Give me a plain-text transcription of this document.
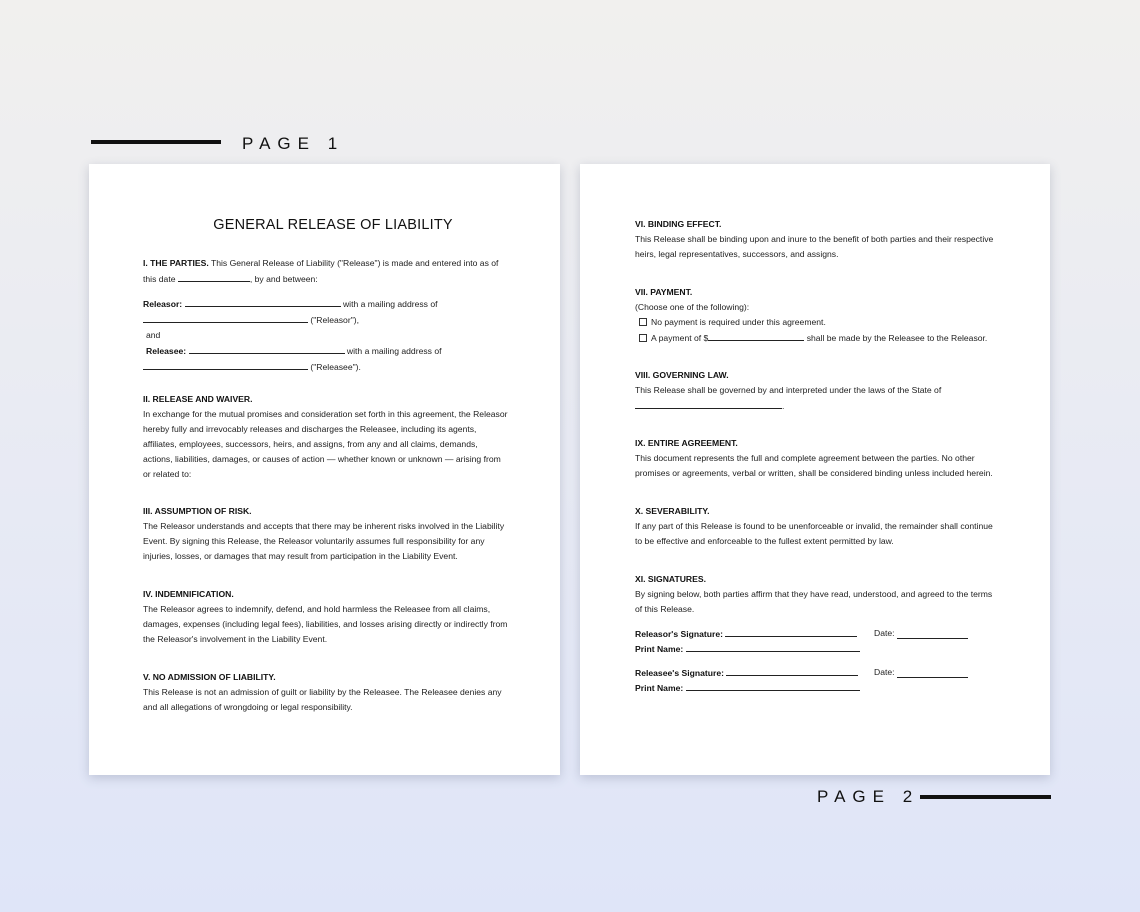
PAGE 1
GENERAL RELEASE OF LIABILITY
I. THE PARTIES. This General Release of Liability ("Release") is made and entered into as of
this date	, by and between:
Releasor:	with a mailing address of
("Releasor"),
and
Releasee:	with a mailing address of
("Releasee").
II. RELEASE AND WAIVER.
In exchange for the mutual promises and consideration set forth in this agreement, the Releasor
hereby fully and irrevocably releases and discharges the Releasee, including its agents,
affiliates, employees, successors, heirs, and assigns, from any and all claims, demands,
actions, liabilities, damages, or causes of action — whether known or unknown — arising from
or related to:
III. ASSUMPTION OF RISK.
The Releasor understands and accepts that there may be inherent risks involved in the Liability
Event. By signing this Release, the Releasor voluntarily assumes full responsibility for any
injuries, losses, or damages that may result from participation in the Liability Event.
IV. INDEMNIFICATION.
The Releasor agrees to indemnify, defend, and hold harmless the Releasee from all claims,
damages, expenses (including legal fees), liabilities, and losses arising directly or indirectly from
the Releasor's involvement in the Liability Event.
V. NO ADMISSION OF LIABILITY.
This Release is not an admission of guilt or liability by the Releasee. The Releasee denies any
and all allegations of wrongdoing or legal responsibility.
VI. BINDING EFFECT.
This Release shall be binding upon and inure to the benefit of both parties and their respective
heirs, legal representatives, successors, and assigns.
VII. PAYMENT.
(Choose one of the following):
No payment is required under this agreement.
A payment of $	shall be made by the Releasee to the Releasor.
VIII. GOVERNING LAW.
This Release shall be governed by and interpreted under the laws of the State of
.
IX. ENTIRE AGREEMENT.
This document represents the full and complete agreement between the parties. No other
promises or agreements, verbal or written, shall be considered binding unless included herein.
X. SEVERABILITY.
If any part of this Release is found to be unenforceable or invalid, the remainder shall continue
to be effective and enforceable to the fullest extent permitted by law.
XI. SIGNATURES.
By signing below, both parties affirm that they have read, understood, and agreed to the terms
of this Release.
Releasor's Signature:	Date:
Print Name:
Releasee's Signature:	Date:
Print Name:
PAGE 2
